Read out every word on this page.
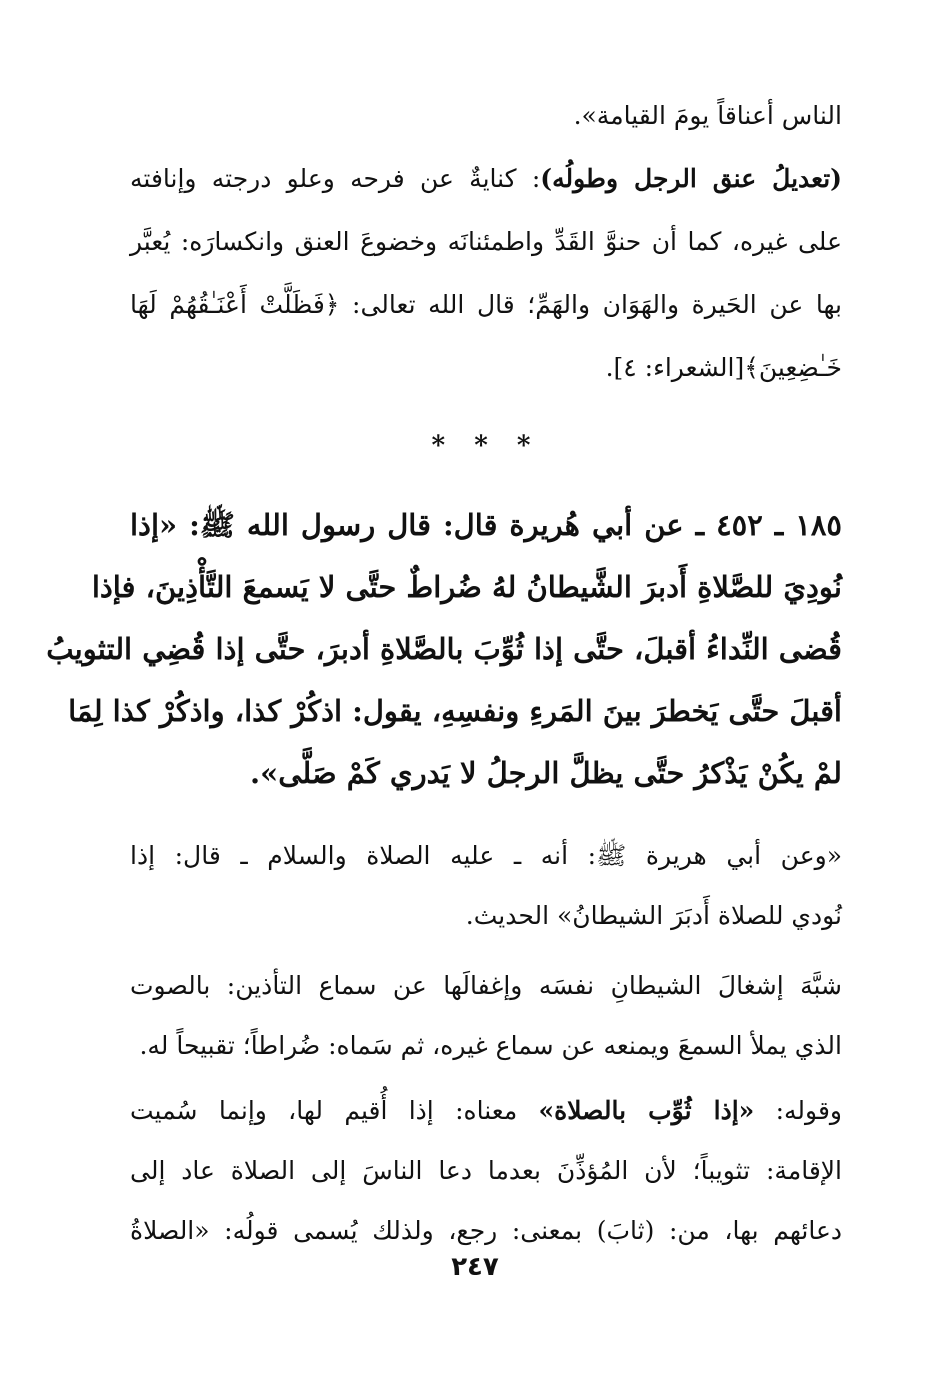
الناس أعناقاً يومَ القيامة».
(تعديلُ عنق الرجل وطولُه): كنايةٌ عن فرحه وعلو درجته وإنافته
على غيره، كما أن حنوَّ القَدِّ واطمئنانَه وخضوعَ العنق وانكسارَه: يُعبَّر
بها عن الحَيرة والهَوَان والهَمِّ؛ قال الله تعالى: ﴿فَظَلَّتْ أَعْنَـٰقُهُمْ لَهَا
خَـٰضِعِينَ﴾[الشعراء: ٤].
* * *
١٨٥ ـ ٤٥٢ ـ عن أبي هُريرة قال: قال رسول الله ﷺ: «إذا
نُودِيَ للصَّلاةِ أَدبرَ الشَّيطانُ لهُ ضُراطٌ حتَّى لا يَسمعَ التَّأْذِينَ، فإذا
قُضى النِّداءُ أقبلَ، حتَّى إذا ثُوِّبَ بالصَّلاةِ أدبرَ، حتَّى إذا قُضِي التثويبُ
أقبلَ حتَّى يَخطرَ بينَ المَرءِ ونفسِهِ، يقول: اذكُرْ كذا، واذكُرْ كذا لِمَا
لمْ يكُنْ يَذْكرُ حتَّى يظلَّ الرجلُ لا يَدري كَمْ صَلَّى».
«وعن أبي هريرة ﷺ: أنه ـ عليه الصلاة والسلام ـ قال: إذا
نُودي للصلاة أَدبَرَ الشيطانُ» الحديث.
شبَّهَ إشغالَ الشيطانِ نفسَه وإغفالَها عن سماع التأذين: بالصوت
الذي يملأ السمعَ ويمنعه عن سماع غيره، ثم سَماه: ضُراطاً؛ تقبيحاً له.
وقوله: «إذا ثُوِّب بالصلاة» معناه: إذا أُقيم لها، وإنما سُميت
الإقامة: تثويباً؛ لأن المُؤذِّنَ بعدما دعا الناسَ إلى الصلاة عاد إلى
دعائهم بها، من: (ثابَ) بمعنى: رجع، ولذلك يُسمى قولُه: «الصلاةُ
٢٤٧
